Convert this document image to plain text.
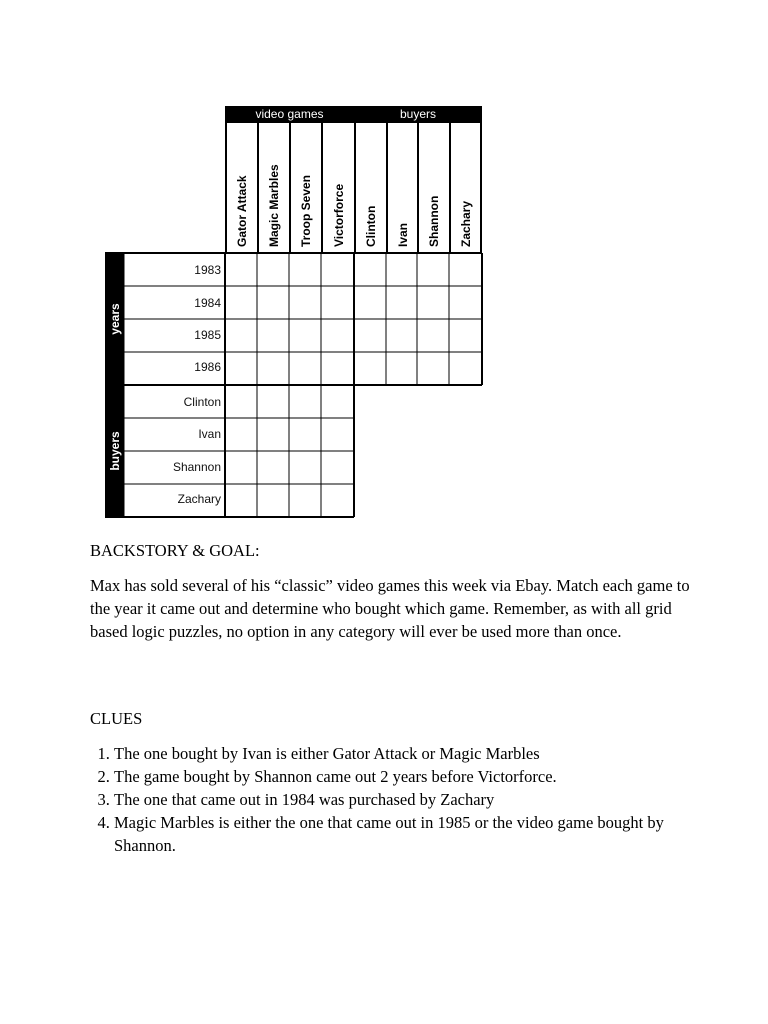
video games	buyers
Gator Attack Magic Marbles Troop Seven Victorforce Clinton Ivan Shannon Zachary
years
buyers
1983
1984
1985
1986
Clinton
Ivan
Shannon
Zachary
BACKSTORY & GOAL:
Max has sold several of his “classic” video games this week via Ebay. Match each game to the year it came out and determine who bought which game. Remember, as with all grid based logic puzzles, no option in any category will ever be used more than once.
CLUES
1. The one bought by Ivan is either Gator Attack or Magic Marbles
2. The game bought by Shannon came out 2 years before Victorforce.
3. The one that came out in 1984 was purchased by Zachary
4. Magic Marbles is either the one that came out in 1985 or the video game bought by Shannon.
